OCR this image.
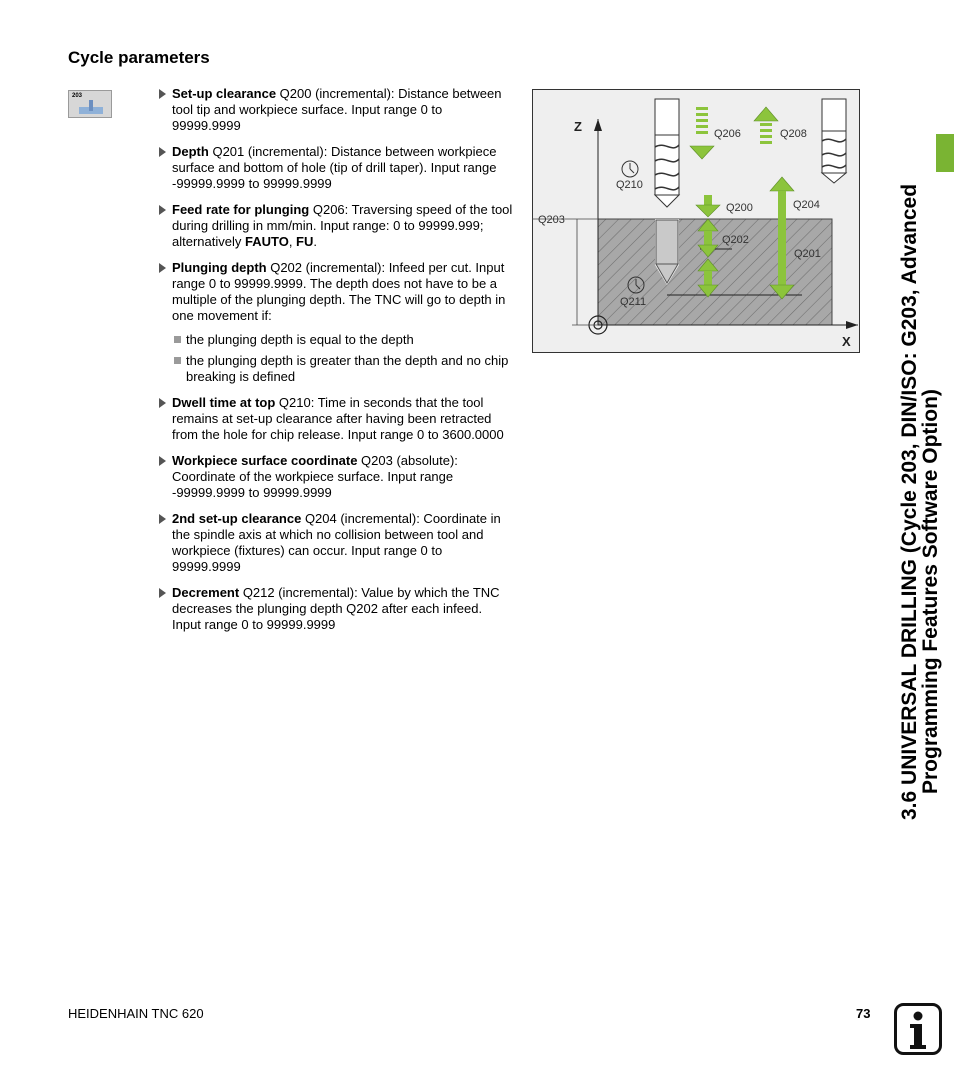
Cycle parameters
203	Set-up clearance Q200 (incremental): Distance between tool tip and workpiece surface. Input range 0 to 99999.9999
Depth Q201 (incremental): Distance between workpiece surface and bottom of hole (tip of drill taper). Input range -99999.9999 to 99999.9999
Feed rate for plunging Q206: Traversing speed of the tool during drilling in mm/min. Input range: 0 to 99999.999; alternatively FAUTO, FU.
Plunging depth Q202 (incremental): Infeed per cut. Input range 0 to 99999.9999. The depth does not have to be a multiple of the plunging depth. The TNC will go to depth in one movement if:
the plunging depth is equal to the depth
the plunging depth is greater than the depth and no chip breaking is defined
Dwell time at top Q210: Time in seconds that the tool remains at set-up clearance after having been retracted from the hole for chip release. Input range 0 to 3600.0000
Workpiece surface coordinate Q203 (absolute): Coordinate of the workpiece surface. Input range -99999.9999 to 99999.9999
2nd set-up clearance Q204 (incremental): Coordinate in the spindle axis at which no collision between tool and workpiece (fixtures) can occur. Input range 0 to 99999.9999
Decrement Q212 (incremental): Value by which the TNC decreases the plunging depth Q202 after each infeed. Input range 0 to 99999.9999
Z
X
Q206	Q208
Q210
Q200	Q204
Q203
Q202
Q201
Q211	3.6 UNIVERSAL DRILLING (Cycle 203, DIN/ISO: G203, Advanced
Programming Features Software Option)
HEIDENHAIN TNC 620	73
